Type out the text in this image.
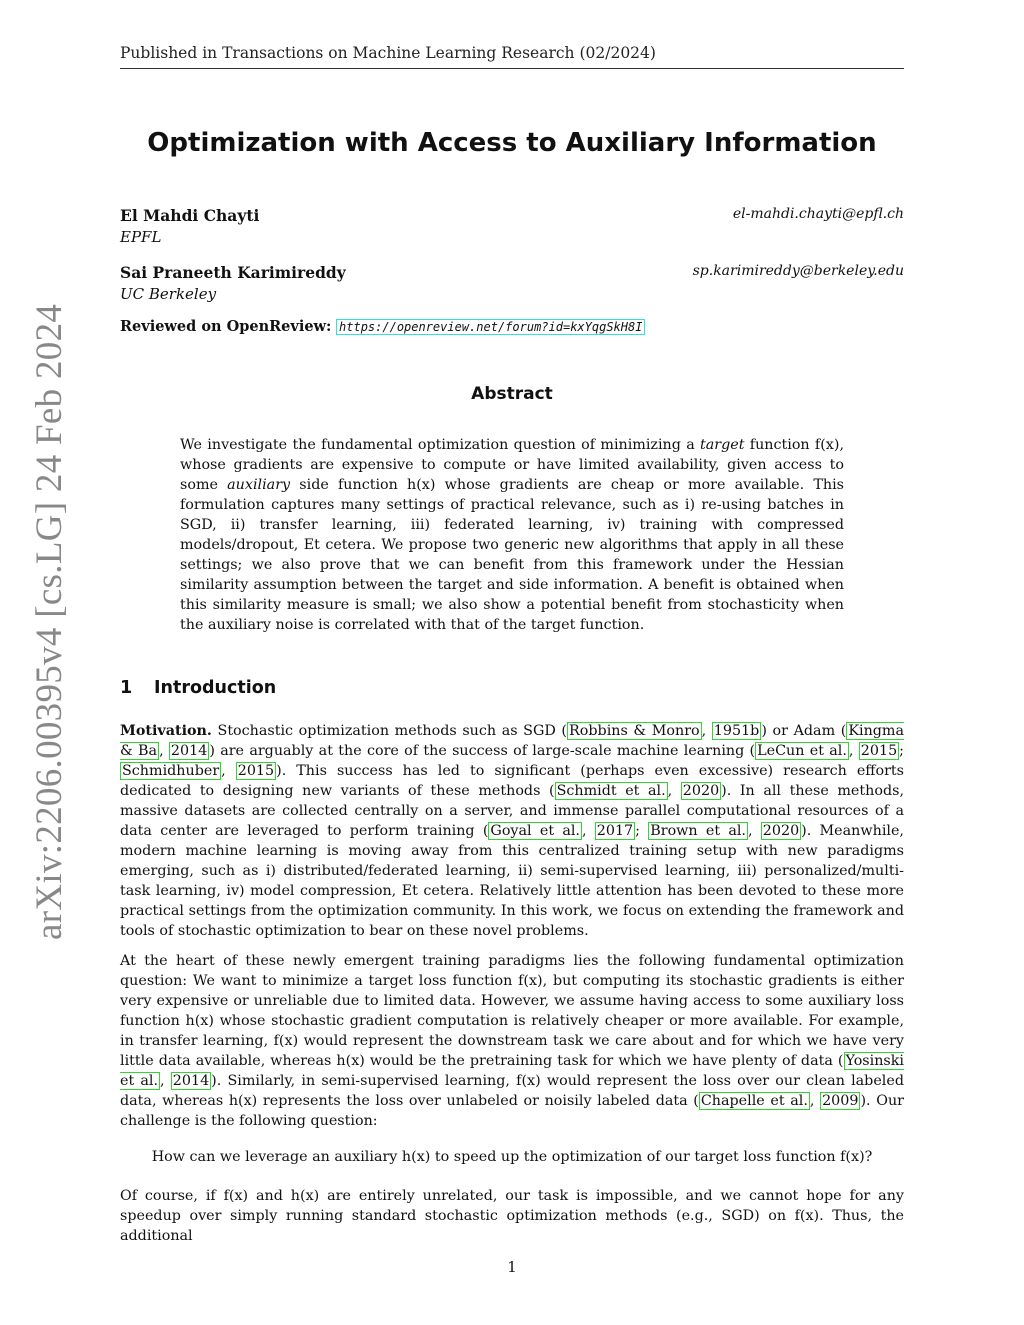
Published in Transactions on Machine Learning Research (02/2024)
arXiv:2206.00395v4 [cs.LG] 24 Feb 2024
Optimization with Access to Auxiliary Information
El Mahdi Chayti	el-mahdi.chayti@epfl.ch
EPFL
Sai Praneeth Karimireddy	sp.karimireddy@berkeley.edu
UC Berkeley
Reviewed on OpenReview: https://openreview.net/forum?id=kxYqgSkH8I
Abstract
We investigate the fundamental optimization question of minimizing a target function f(x), whose gradients are expensive to compute or have limited availability, given access to some auxiliary side function h(x) whose gradients are cheap or more available. This formulation captures many settings of practical relevance, such as i) re-using batches in SGD, ii) transfer learning, iii) federated learning, iv) training with compressed models/dropout, Et cetera. We propose two generic new algorithms that apply in all these settings; we also prove that we can benefit from this framework under the Hessian similarity assumption between the target and side information. A benefit is obtained when this similarity measure is small; we also show a potential benefit from stochasticity when the auxiliary noise is correlated with that of the target function.
1 Introduction
Motivation. Stochastic optimization methods such as SGD ( Robbins & Monro , 1951b ) or Adam ( Kingma & Ba , 2014 ) are arguably at the core of the success of large-scale machine learning ( LeCun et al. , 2015 ; Schmidhuber , 2015 ). This success has led to significant (perhaps even excessive) research efforts dedicated to designing new variants of these methods ( Schmidt et al. , 2020 ). In all these methods, massive datasets are collected centrally on a server, and immense parallel computational resources of a data center are leveraged to perform training ( Goyal et al. , 2017 ; Brown et al. , 2020 ). Meanwhile, modern machine learning is moving away from this centralized training setup with new paradigms emerging, such as i) distributed/federated learning, ii) semi-supervised learning, iii) personalized/multi-task learning, iv) model compression, Et cetera. Relatively little attention has been devoted to these more practical settings from the optimization community. In this work, we focus on extending the framework and tools of stochastic optimization to bear on these novel problems.
At the heart of these newly emergent training paradigms lies the following fundamental optimization question: We want to minimize a target loss function f(x), but computing its stochastic gradients is either very expensive or unreliable due to limited data. However, we assume having access to some auxiliary loss function h(x) whose stochastic gradient computation is relatively cheaper or more available. For example, in transfer learning, f(x) would represent the downstream task we care about and for which we have very little data available, whereas h(x) would be the pretraining task for which we have plenty of data ( Yosinski et al. , 2014 ). Similarly, in semi-supervised learning, f(x) would represent the loss over our clean labeled data, whereas h(x) represents the loss over unlabeled or noisily labeled data ( Chapelle et al. , 2009 ). Our challenge is the following question:
How can we leverage an auxiliary h(x) to speed up the optimization of our target loss function f(x)?
Of course, if f(x) and h(x) are entirely unrelated, our task is impossible, and we cannot hope for any speedup over simply running standard stochastic optimization methods (e.g., SGD) on f(x). Thus, the additional
1
